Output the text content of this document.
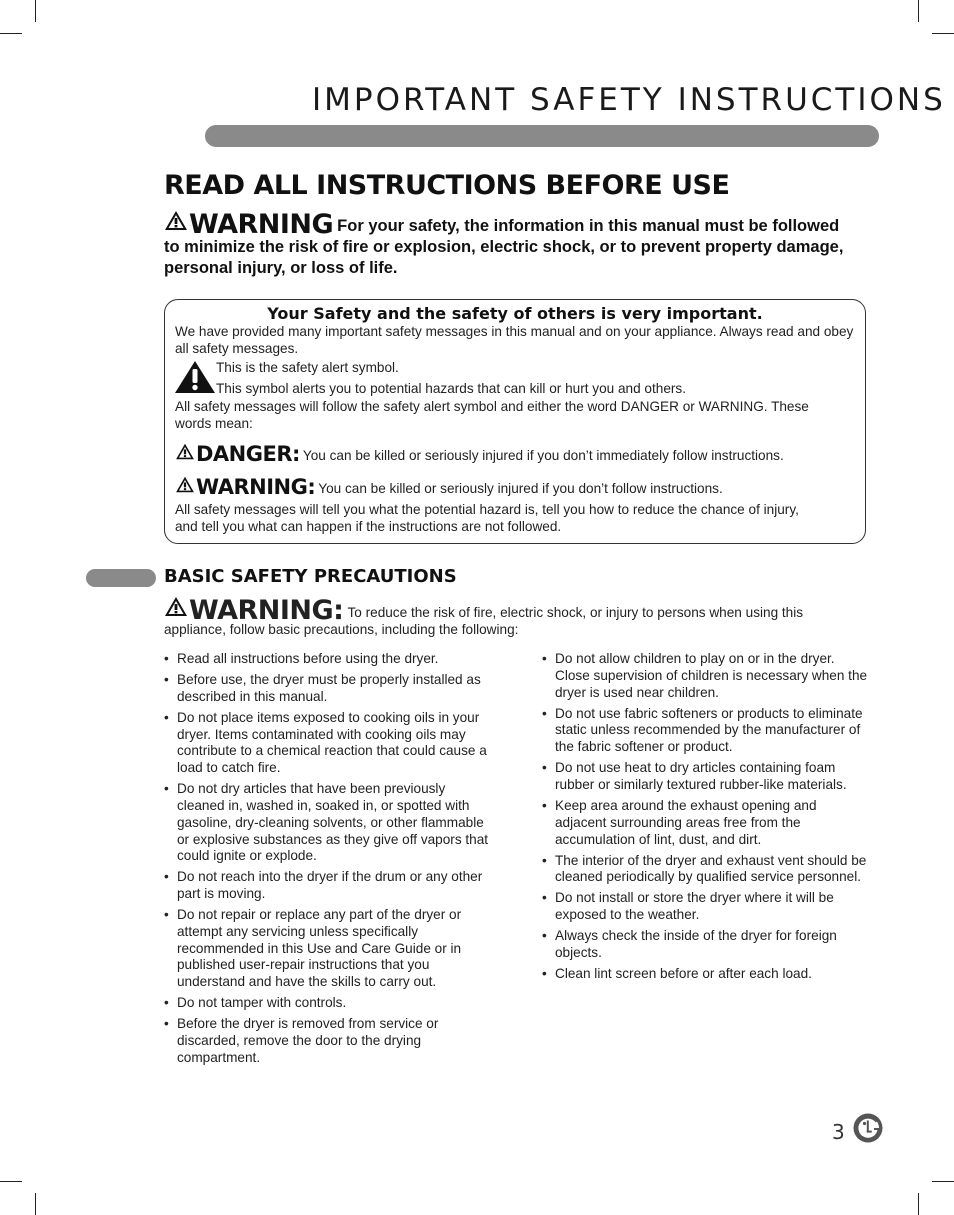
IMPORTANT SAFETY INSTRUCTIONS
READ ALL INSTRUCTIONS BEFORE USE
WARNING For your safety, the information in this manual must be followed to minimize the risk of fire or explosion, electric shock, or to prevent property damage, personal injury, or loss of life.
Your Safety and the safety of others is very important.
We have provided many important safety messages in this manual and on your appliance. Always read and obey all safety messages.
This is the safety alert symbol.
This symbol alerts you to potential hazards that can kill or hurt you and others.
All safety messages will follow the safety alert symbol and either the word DANGER or WARNING. These words mean:
DANGER: You can be killed or seriously injured if you don’t immediately follow instructions.
WARNING: You can be killed or seriously injured if you don’t follow instructions.
All safety messages will tell you what the potential hazard is, tell you how to reduce the chance of injury, and tell you what can happen if the instructions are not followed.
BASIC SAFETY PRECAUTIONS
WARNING: To reduce the risk of fire, electric shock, or injury to persons when using this appliance, follow basic precautions, including the following:
• Read all instructions before using the dryer.
• Before use, the dryer must be properly installed as described in this manual.
• Do not place items exposed to cooking oils in your dryer. Items contaminated with cooking oils may contribute to a chemical reaction that could cause a load to catch fire.
• Do not dry articles that have been previously cleaned in, washed in, soaked in, or spotted with gasoline, dry-cleaning solvents, or other flammable or explosive substances as they give off vapors that could ignite or explode.
• Do not reach into the dryer if the drum or any other part is moving.
• Do not repair or replace any part of the dryer or attempt any servicing unless specifically recommended in this Use and Care Guide or in published user-repair instructions that you understand and have the skills to carry out.
• Do not tamper with controls.
• Before the dryer is removed from service or discarded, remove the door to the drying compartment.
• Do not allow children to play on or in the dryer. Close supervision of children is necessary when the dryer is used near children.
• Do not use fabric softeners or products to eliminate static unless recommended by the manufacturer of the fabric softener or product.
• Do not use heat to dry articles containing foam rubber or similarly textured rubber-like materials.
• Keep area around the exhaust opening and adjacent surrounding areas free from the accumulation of lint, dust, and dirt.
• The interior of the dryer and exhaust vent should be cleaned periodically by qualified service personnel.
• Do not install or store the dryer where it will be exposed to the weather.
• Always check the inside of the dryer for foreign objects.
• Clean lint screen before or after each load.
3
